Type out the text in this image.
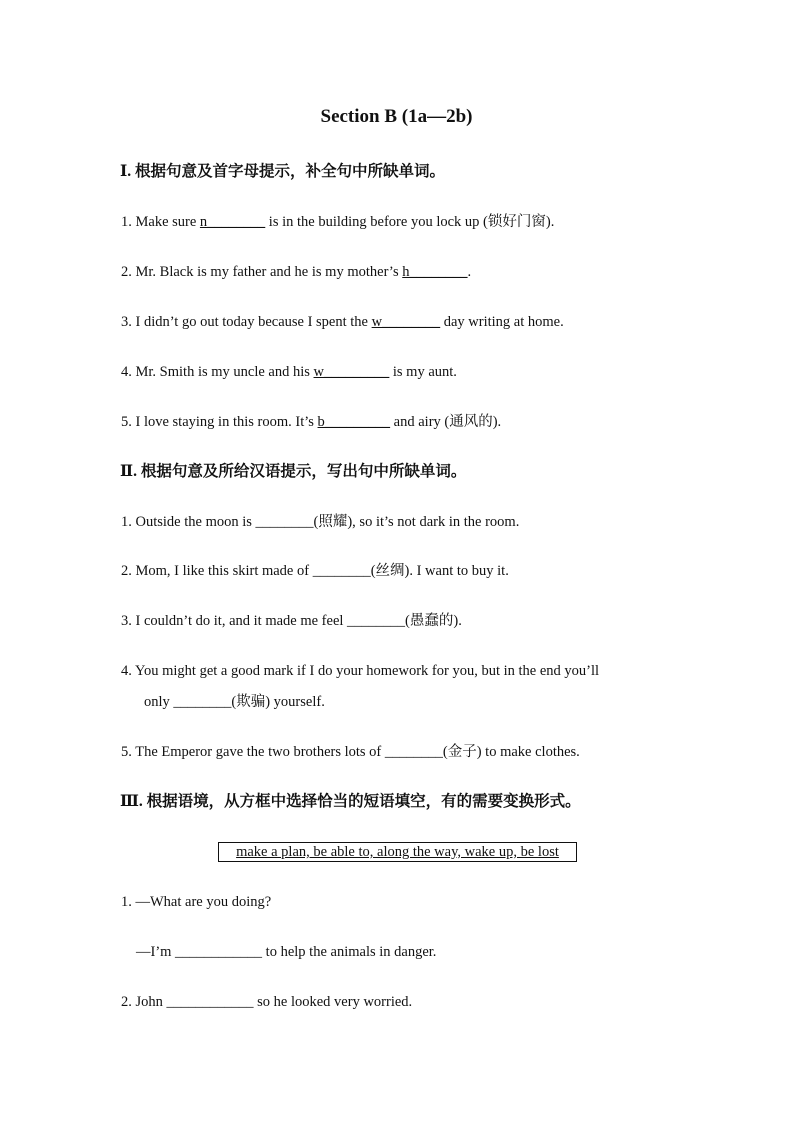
Section B (1a—2b)
Ⅰ. 根据句意及首字母提示，补全句中所缺单词。
1. Make sure n________ is in the building before you lock up (锁好门窗).
2. Mr. Black is my father and he is my mother’s h________.
3. I didn’t go out today because I spent the w________ day writing at home.
4. Mr. Smith is my uncle and his w_________ is my aunt.
5. I love staying in this room. It’s b_________ and airy (通风的).
Ⅱ. 根据句意及所给汉语提示，写出句中所缺单词。
1. Outside the moon is ________(照耀), so it’s not dark in the room.
2. Mom, I like this skirt made of ________(丝绸). I want to buy it.
3. I couldn’t do it, and it made me feel ________(愚蠢的).
4. You might get a good mark if I do your homework for you, but in the end you’ll
only ________(欺骗) yourself.
5. The Emperor gave the two brothers lots of ________(金子) to make clothes.
Ⅲ. 根据语境，从方框中选择恰当的短语填空，有的需要变换形式。
make a plan, be able to, along the way, wake up, be lost
1. —What are you doing?
—I’m ____________ to help the animals in danger.
2. John ____________ so he looked very worried.
